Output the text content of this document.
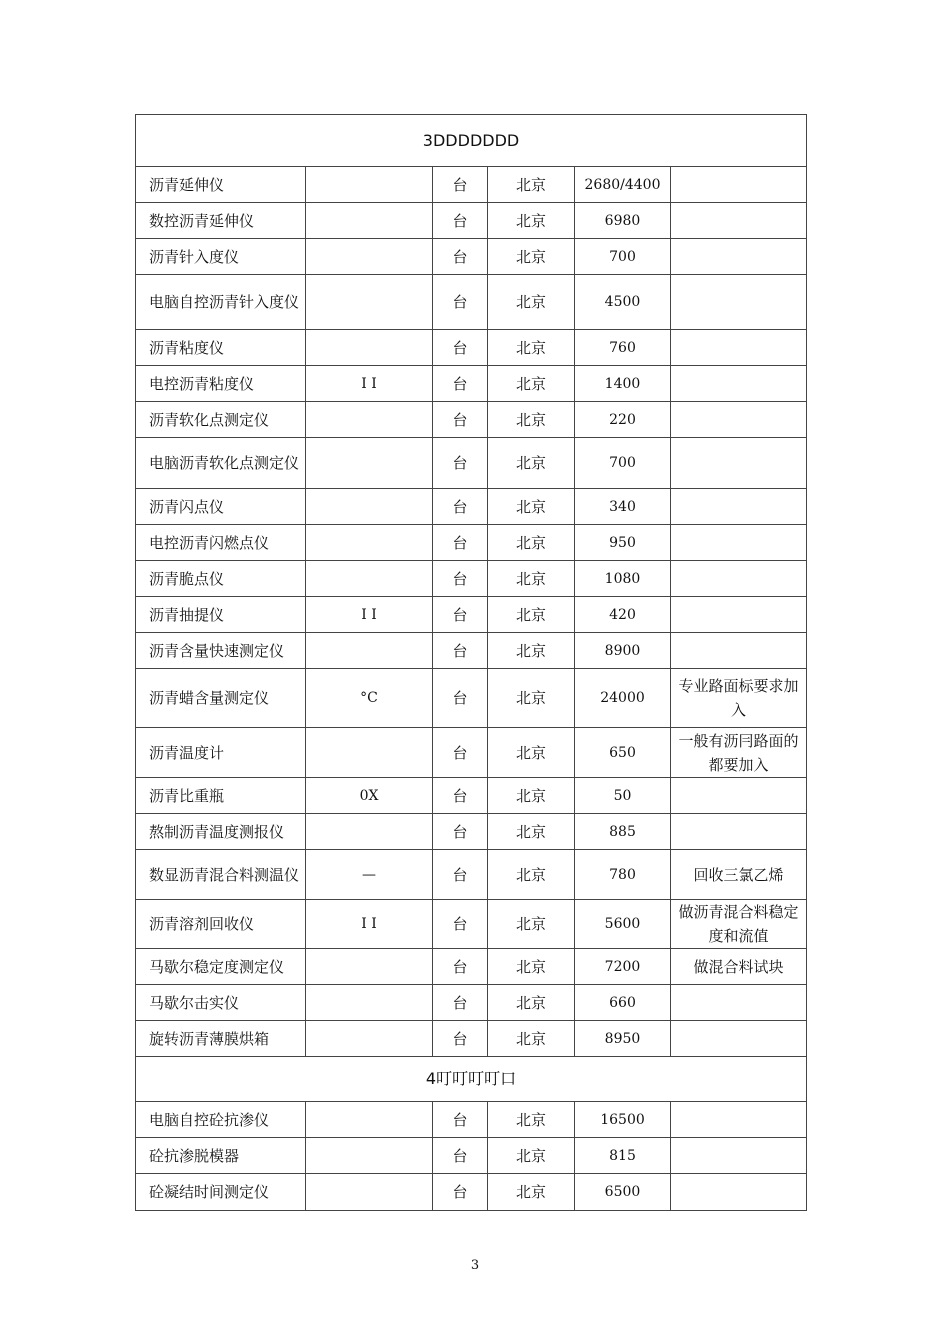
3DDDDDDD					
沥青延伸仪		台	北京	2680/4400	
数控沥青延伸仪		台	北京	6980	
沥青针入度仪		台	北京	700	
电脑自控沥青针入度仪		台	北京	4500	
沥青粘度仪		台	北京	760	
电控沥青粘度仪	I I	台	北京	1400	
沥青软化点测定仪		台	北京	220	
电脑沥青软化点测定仪		台	北京	700	
沥青闪点仪		台	北京	340	
电控沥青闪燃点仪		台	北京	950	
沥青脆点仪		台	北京	1080	
沥青抽提仪	I I	台	北京	420	
沥青含量快速测定仪		台	北京	8900	
沥青蜡含量测定仪	°C	台	北京	24000	专业路面标要求加入
沥青温度计		台	北京	650	一般有沥冃路面的都要加入
沥青比重瓶	0X	台	北京	50	
熬制沥青温度测报仪		台	北京	885	
数显沥青混合料测温仪	—	台	北京	780	回收三氯乙烯
沥青溶剂回收仪	I I	台	北京	5600	做沥青混合料稳定度和流值
马歇尔稳定度测定仪		台	北京	7200	做混合料试块
马歇尔击实仪		台	北京	660	
旋转沥青薄膜烘箱		台	北京	8950	
4叮叮叮叮口					
电脑自控砼抗渗仪		台	北京	16500	
砼抗渗脱模器		台	北京	815	
砼凝结时间测定仪		台	北京	6500	
3
